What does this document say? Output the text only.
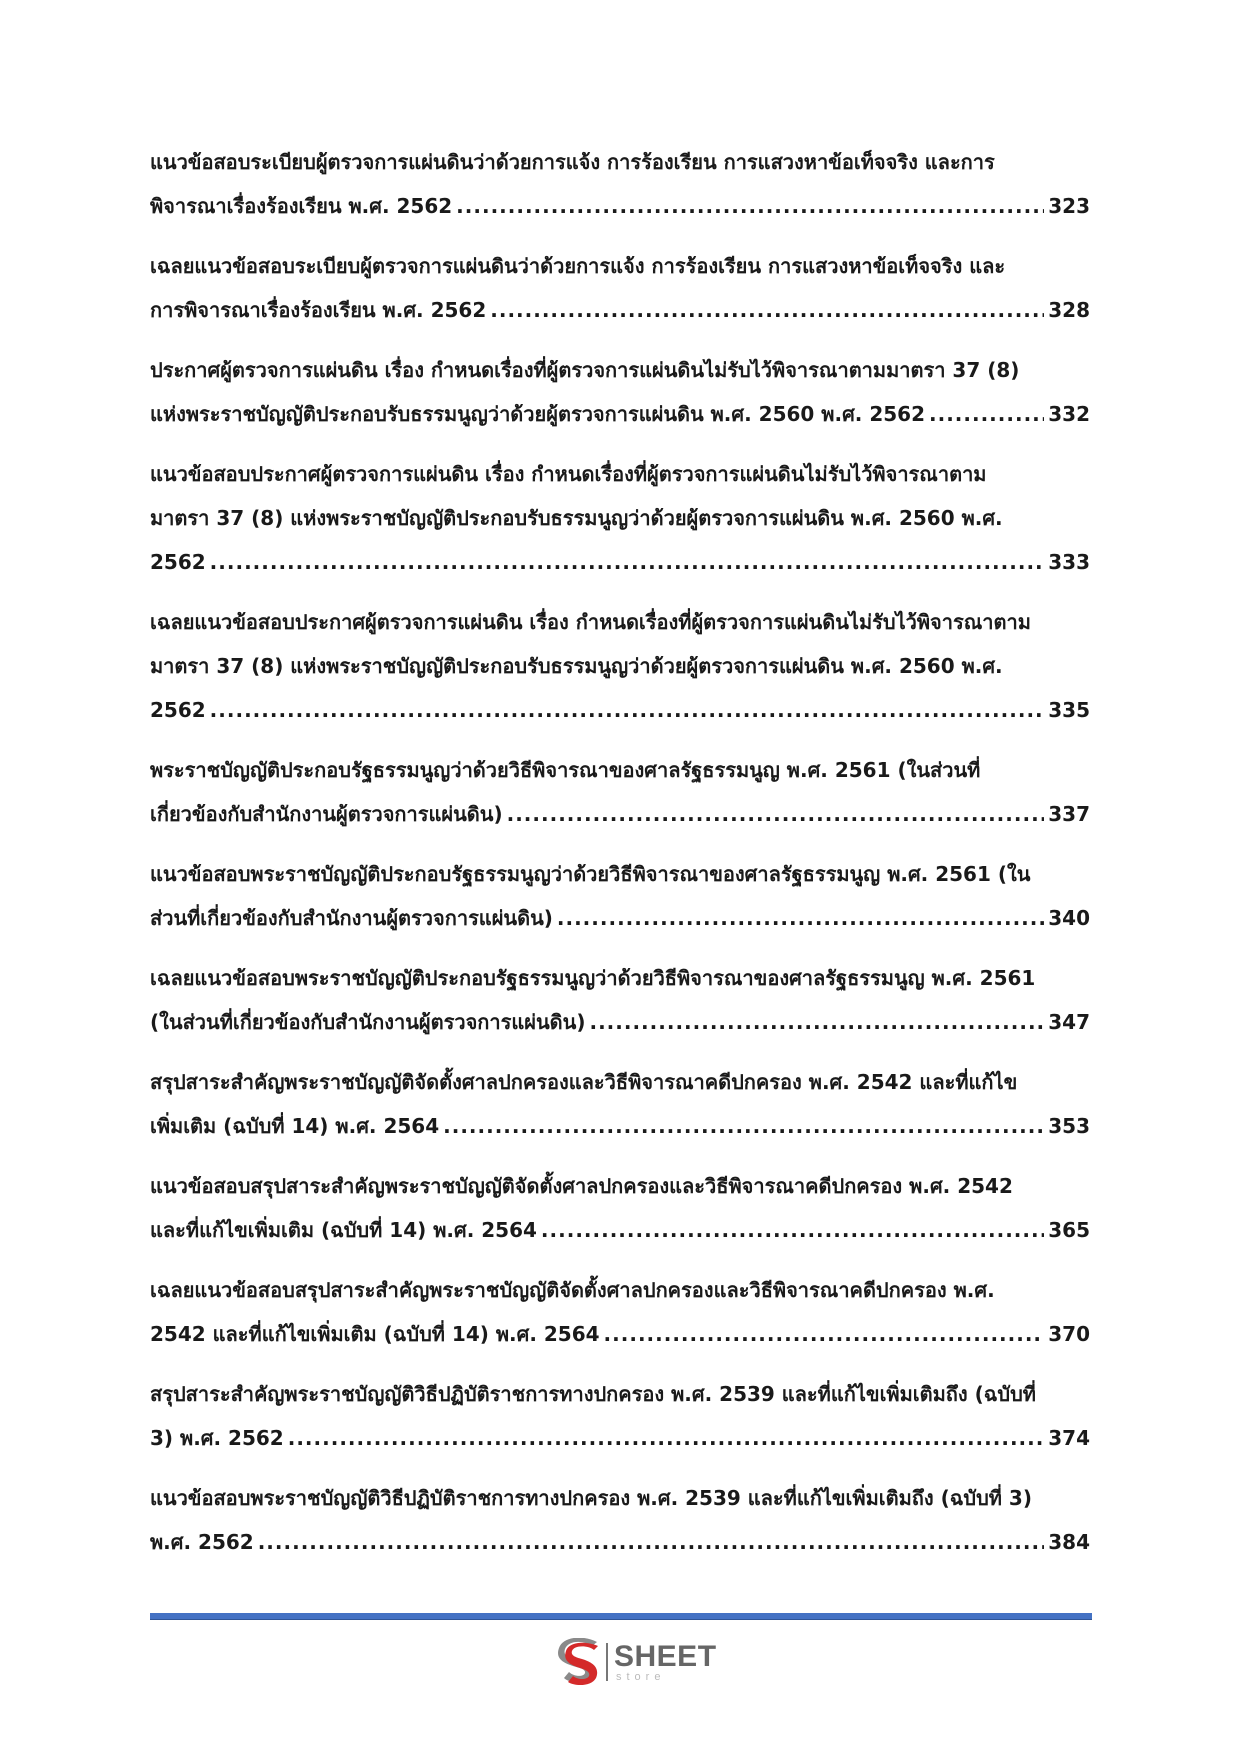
แนวข้อสอบระเบียบผู้ตรวจการแผ่นดินว่าด้วยการแจ้ง การร้องเรียน การแสวงหาข้อเท็จจริง และการ
พิจารณาเรื่องร้องเรียน พ.ศ. 2562 .....	323
เฉลยแนวข้อสอบระเบียบผู้ตรวจการแผ่นดินว่าด้วยการแจ้ง การร้องเรียน การแสวงหาข้อเท็จจริง และ
การพิจารณาเรื่องร้องเรียน พ.ศ. 2562 .....	328
ประกาศผู้ตรวจการแผ่นดิน เรื่อง กำหนดเรื่องที่ผู้ตรวจการแผ่นดินไม่รับไว้พิจารณาตามมาตรา 37 (8)
แห่งพระราชบัญญัติประกอบรับธรรมนูญว่าด้วยผู้ตรวจการแผ่นดิน พ.ศ. 2560 พ.ศ. 2562 .....	332
แนวข้อสอบประกาศผู้ตรวจการแผ่นดิน เรื่อง กำหนดเรื่องที่ผู้ตรวจการแผ่นดินไม่รับไว้พิจารณาตาม
มาตรา 37 (8) แห่งพระราชบัญญัติประกอบรับธรรมนูญว่าด้วยผู้ตรวจการแผ่นดิน พ.ศ. 2560 พ.ศ.
2562 .....	333
เฉลยแนวข้อสอบประกาศผู้ตรวจการแผ่นดิน เรื่อง กำหนดเรื่องที่ผู้ตรวจการแผ่นดินไม่รับไว้พิจารณาตาม
มาตรา 37 (8) แห่งพระราชบัญญัติประกอบรับธรรมนูญว่าด้วยผู้ตรวจการแผ่นดิน พ.ศ. 2560 พ.ศ.
2562 .....	335
พระราชบัญญัติประกอบรัฐธรรมนูญว่าด้วยวิธีพิจารณาของศาลรัฐธรรมนูญ พ.ศ. 2561 (ในส่วนที่
เกี่ยวข้องกับสำนักงานผู้ตรวจการแผ่นดิน) .....	337
แนวข้อสอบพระราชบัญญัติประกอบรัฐธรรมนูญว่าด้วยวิธีพิจารณาของศาลรัฐธรรมนูญ พ.ศ. 2561 (ใน
ส่วนที่เกี่ยวข้องกับสำนักงานผู้ตรวจการแผ่นดิน) .....	340
เฉลยแนวข้อสอบพระราชบัญญัติประกอบรัฐธรรมนูญว่าด้วยวิธีพิจารณาของศาลรัฐธรรมนูญ พ.ศ. 2561
(ในส่วนที่เกี่ยวข้องกับสำนักงานผู้ตรวจการแผ่นดิน) .....	347
สรุปสาระสำคัญพระราชบัญญัติจัดตั้งศาลปกครองและวิธีพิจารณาคดีปกครอง พ.ศ. 2542 และที่แก้ไข
เพิ่มเติม (ฉบับที่ 14) พ.ศ. 2564 .....	353
แนวข้อสอบสรุปสาระสำคัญพระราชบัญญัติจัดตั้งศาลปกครองและวิธีพิจารณาคดีปกครอง พ.ศ. 2542
และที่แก้ไขเพิ่มเติม (ฉบับที่ 14) พ.ศ. 2564 .....	365
เฉลยแนวข้อสอบสรุปสาระสำคัญพระราชบัญญัติจัดตั้งศาลปกครองและวิธีพิจารณาคดีปกครอง พ.ศ.
2542 และที่แก้ไขเพิ่มเติม (ฉบับที่ 14) พ.ศ. 2564 .....	370
สรุปสาระสำคัญพระราชบัญญัติวิธีปฏิบัติราชการทางปกครอง พ.ศ. 2539 และที่แก้ไขเพิ่มเติมถึง (ฉบับที่
3) พ.ศ. 2562 .....	374
แนวข้อสอบพระราชบัญญัติวิธีปฏิบัติราชการทางปกครอง พ.ศ. 2539 และที่แก้ไขเพิ่มเติมถึง (ฉบับที่ 3)
พ.ศ. 2562 .....	384
SHEET
store
